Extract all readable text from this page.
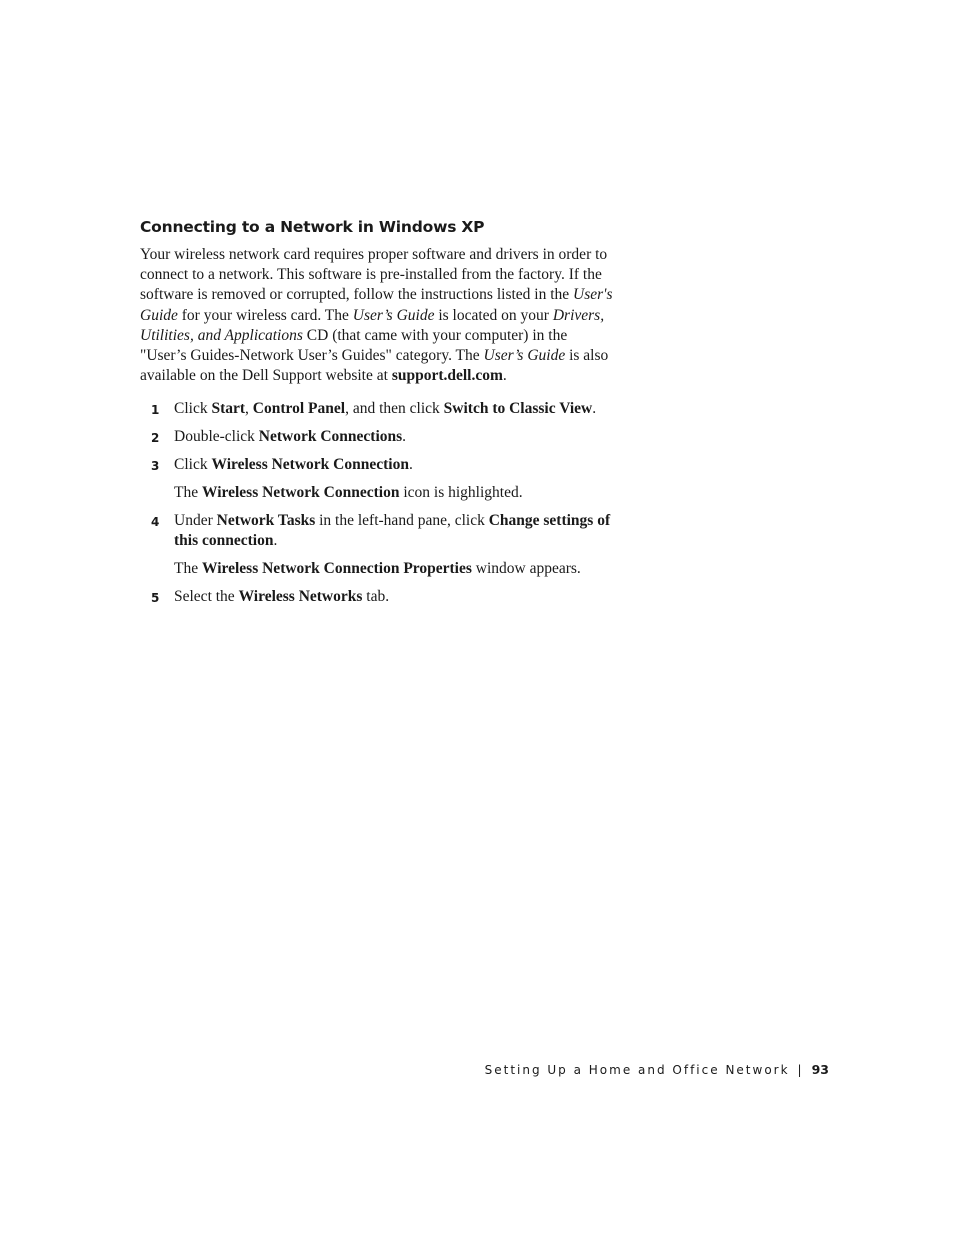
Connecting to a Network in Windows XP

Your wireless network card requires proper software and drivers in order to
connect to a network. This software is pre-installed from the factory. If the
software is removed or corrupted, follow the instructions listed in the User's
Guide for your wireless card. The User’s Guide is located on your Drivers,
Utilities, and Applications CD (that came with your computer) in the
"User’s Guides-Network User’s Guides" category. The User’s Guide is also
available on the Dell Support website at support.dell.com.

1 Click Start, Control Panel, and then click Switch to Classic View.
2 Double-click Network Connections.
3 Click Wireless Network Connection.
The Wireless Network Connection icon is highlighted.
4 Under Network Tasks in the left-hand pane, click Change settings of
this connection.
The Wireless Network Connection Properties window appears.
5 Select the Wireless Networks tab.
Setting Up a Home and Office Network | 93
